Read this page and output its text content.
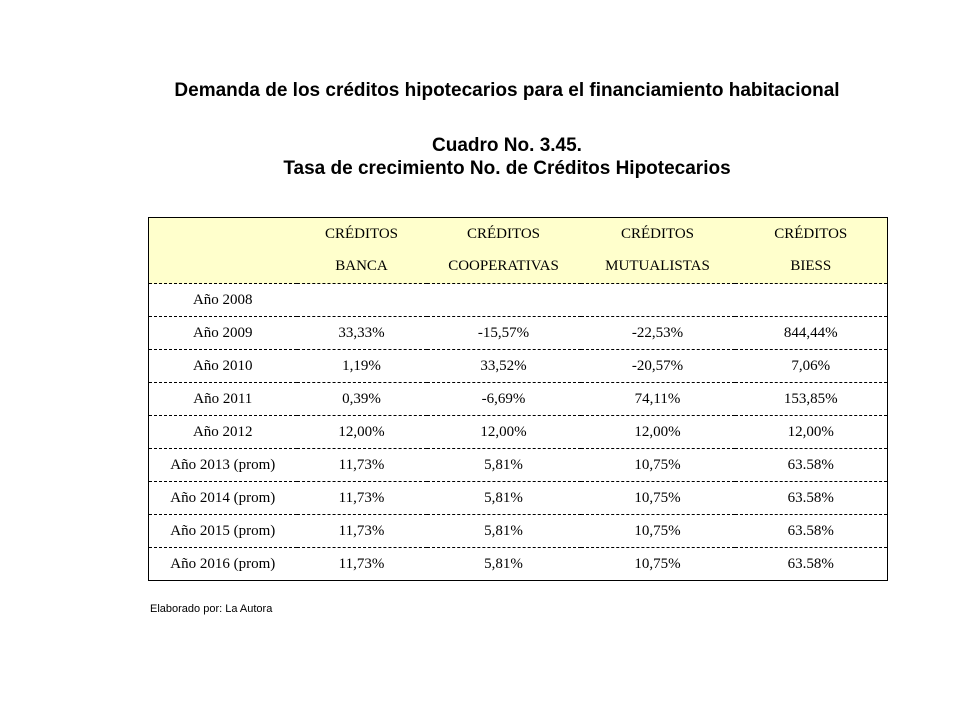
Demanda de los créditos hipotecarios para el financiamiento habitacional
Cuadro No. 3.45.
Tasa de crecimiento No. de Créditos Hipotecarios
	CRÉDITOS	CRÉDITOS	CRÉDITOS	CRÉDITOS
	BANCA	COOPERATIVAS	MUTUALISTAS	BIESS
Año 2008				
Año 2009	33,33%	-15,57%	-22,53%	844,44%
Año 2010	1,19%	33,52%	-20,57%	7,06%
Año 2011	0,39%	-6,69%	74,11%	153,85%
Año 2012	12,00%	12,00%	12,00%	12,00%
Año 2013 (prom)	11,73%	5,81%	10,75%	63.58%
Año 2014 (prom)	11,73%	5,81%	10,75%	63.58%
Año 2015 (prom)	11,73%	5,81%	10,75%	63.58%
Año 2016 (prom)	11,73%	5,81%	10,75%	63.58%
Elaborado por: La Autora
